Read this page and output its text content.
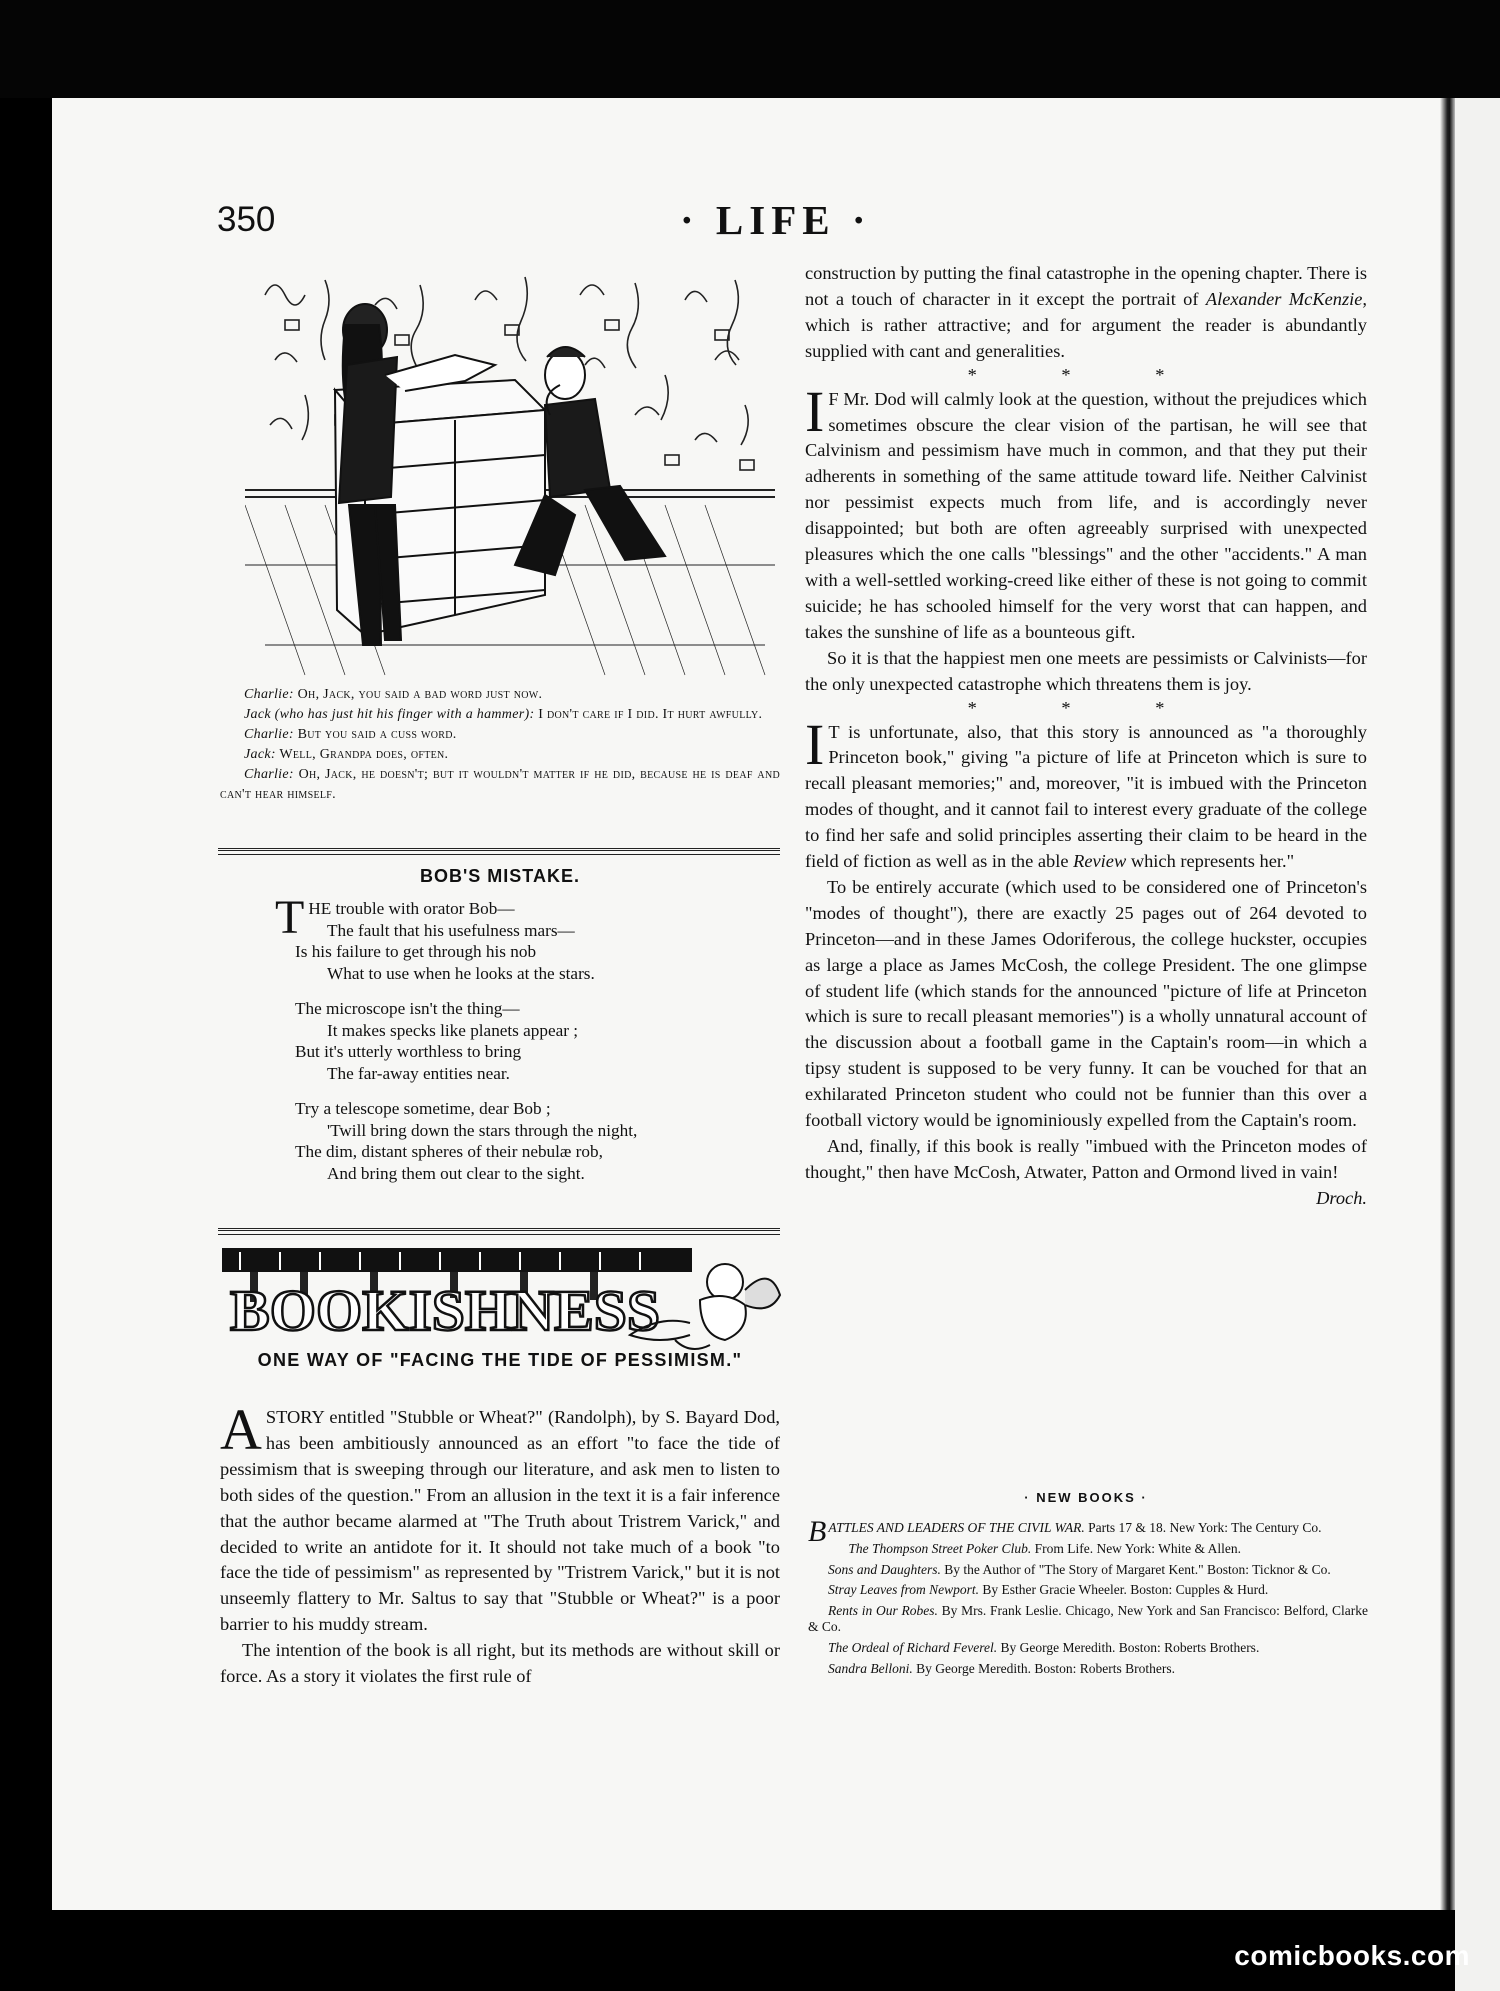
comicbooks.com
350	· LIFE ·

Charlie: Oh, Jack, you said a bad word just now.

Jack (who has just hit his finger with a hammer): I don't care if I did. It hurt awfully.

Charlie: But you said a cuss word.

Jack: Well, Grandpa does, often.

Charlie: Oh, Jack, he doesn't; but it wouldn't matter if he did, because he is deaf and can't hear himself.

BOB'S MISTAKE.
THE trouble with orator Bob—
The fault that his usefulness mars—
Is his failure to get through his nob
What to use when he looks at the stars.
The microscope isn't the thing—
It makes specks like planets appear ;
But it's utterly worthless to bring
The far-away entities near.
Try a telescope sometime, dear Bob ;
'Twill bring down the stars through the night,
The dim, distant spheres of their nebulæ rob,
And bring them out clear to the sight.
BOOKISHNESS
ONE WAY OF "FACING THE TIDE OF PESSIMISM."

A STORY entitled "Stubble or Wheat?" (Randolph), by S. Bayard Dod, has been ambitiously announced as an effort "to face the tide of pessimism that is sweeping through our literature, and ask men to listen to both sides of the question." From an allusion in the text it is a fair inference that the author became alarmed at "The Truth about Tristrem Varick," and decided to write an antidote for it. It should not take much of a book "to face the tide of pessimism" as represented by "Tristrem Varick," but it is not unseemly flattery to Mr. Saltus to say that "Stubble or Wheat?" is a poor barrier to his muddy stream.

The intention of the book is all right, but its methods are without skill or force. As a story it violates the first rule of

construction by putting the final catastrophe in the opening chapter. There is not a touch of character in it except the portrait of Alexander McKenzie, which is rather attractive; and for argument the reader is abundantly supplied with cant and generalities.

* * *

I F Mr. Dod will calmly look at the question, without the prejudices which sometimes obscure the clear vision of the partisan, he will see that Calvinism and pessimism have much in common, and that they put their adherents in something of the same attitude toward life. Neither Calvinist nor pessimist expects much from life, and is accordingly never disappointed; but both are often agreeably surprised with unexpected pleasures which the one calls "blessings" and the other "accidents." A man with a well-settled working-creed like either of these is not going to commit suicide; he has schooled himself for the very worst that can happen, and takes the sunshine of life as a bounteous gift.

So it is that the happiest men one meets are pessimists or Calvinists—for the only unexpected catastrophe which threatens them is joy.

* * *

I T is unfortunate, also, that this story is announced as "a thoroughly Princeton book," giving "a picture of life at Princeton which is sure to recall pleasant memories;" and, moreover, "it is imbued with the Princeton modes of thought, and it cannot fail to interest every graduate of the college to find her safe and solid principles asserting their claim to be heard in the field of fiction as well as in the able Review which represents her."

To be entirely accurate (which used to be considered one of Princeton's "modes of thought"), there are exactly 25 pages out of 264 devoted to Princeton—and in these James Odoriferous, the college huckster, occupies as large a place as James McCosh, the college President. The one glimpse of student life (which stands for the announced "picture of life at Princeton which is sure to recall pleasant memories") is a wholly unnatural account of the discussion about a football game in the Captain's room—in which a tipsy student is supposed to be very funny. It can be vouched for that an exhilarated Princeton student who could not be funnier than this over a football victory would be ignominiously expelled from the Captain's room.

And, finally, if this book is really "imbued with the Princeton modes of thought," then have McCosh, Atwater, Patton and Ormond lived in vain!
Droch.

· NEW BOOKS ·

BATTLES AND LEADERS OF THE CIVIL WAR. Parts 17 & 18. New York: The Century Co.

The Thompson Street Poker Club. From Life. New York: White & Allen.

Sons and Daughters. By the Author of "The Story of Margaret Kent." Boston: Ticknor & Co.

Stray Leaves from Newport. By Esther Gracie Wheeler. Boston: Cupples & Hurd.

Rents in Our Robes. By Mrs. Frank Leslie. Chicago, New York and San Francisco: Belford, Clarke & Co.

The Ordeal of Richard Feverel. By George Meredith. Boston: Roberts Brothers.

Sandra Belloni. By George Meredith. Boston: Roberts Brothers.
